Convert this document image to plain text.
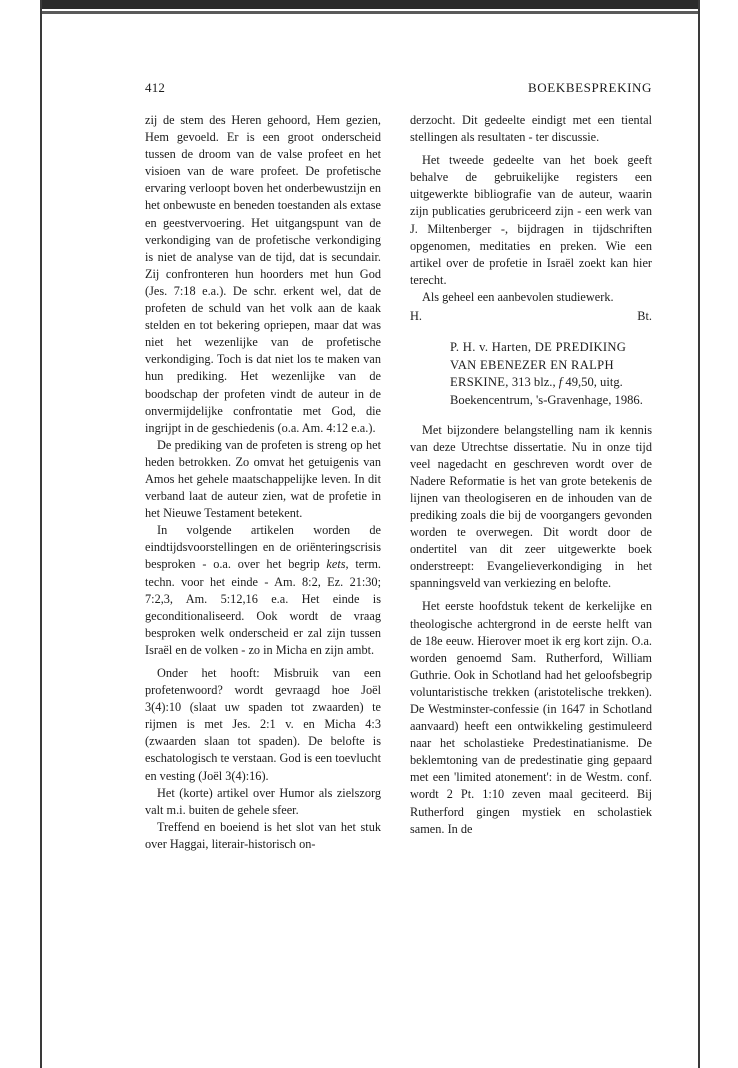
412	BOEKBESPREKING

zij de stem des Heren gehoord, Hem gezien, Hem gevoeld. Er is een groot onderscheid tussen de droom van de valse profeet en het visioen van de ware profeet. De profetische ervaring verloopt boven het onderbewustzijn en het onbewuste en beneden toestanden als extase en geestvervoering. Het uitgangspunt van de verkondiging van de profetische verkondiging is niet de analyse van de tijd, dat is secundair. Zij confronteren hun hoorders met hun God (Jes. 7:18 e.a.). De schr. erkent wel, dat de profeten de schuld van het volk aan de kaak stelden en tot bekering opriepen, maar dat was niet het wezenlijke van de profetische verkondiging. Toch is dat niet los te maken van hun prediking. Het wezenlijke van de boodschap der profeten vindt de auteur in de onvermijdelijke confrontatie met God, die ingrijpt in de geschiedenis (o.a. Am. 4:12 e.a.).

De prediking van de profeten is streng op het heden betrokken. Zo omvat het getuigenis van Amos het gehele maatschappelijke leven. In dit verband laat de auteur zien, wat de profetie in het Nieuwe Testament betekent.

In volgende artikelen worden de eindtijdsvoorstellingen en de oriënteringscrisis besproken - o.a. over het begrip kets, term. techn. voor het einde - Am. 8:2, Ez. 21:30; 7:2,3, Am. 5:12,16 e.a. Het einde is geconditionaliseerd. Ook wordt de vraag besproken welk onderscheid er zal zijn tussen Israël en de volken - zo in Micha en zijn ambt.

Onder het hooft: Misbruik van een profetenwoord? wordt gevraagd hoe Joël 3(4):10 (slaat uw spaden tot zwaarden) te rijmen is met Jes. 2:1 v. en Micha 4:3 (zwaarden slaan tot spaden). De belofte is eschatologisch te verstaan. God is een toevlucht en vesting (Joël 3(4):16).

Het (korte) artikel over Humor als zielszorg valt m.i. buiten de gehele sfeer.

Treffend en boeiend is het slot van het stuk over Haggai, literair-historisch on-

derzocht. Dit gedeelte eindigt met een tiental stellingen als resultaten - ter discussie.

Het tweede gedeelte van het boek geeft behalve de gebruikelijke registers een uitgewerkte bibliografie van de auteur, waarin zijn publicaties gerubriceerd zijn - een werk van J. Miltenberger -, bijdragen in tijdschriften opgenomen, meditaties en preken. Wie een artikel over de profetie in Israël zoekt kan hier terecht.

Als geheel een aanbevolen studiewerk.

H.	Bt.
P. H. v. Harten, DE PREDIKING VAN EBENEZER EN RALPH ERSKINE, 313 blz., f 49,50, uitg. Boekencentrum, 's-Gravenhage, 1986.

Met bijzondere belangstelling nam ik kennis van deze Utrechtse dissertatie. Nu in onze tijd veel nagedacht en geschreven wordt over de Nadere Reformatie is het van grote betekenis de lijnen van theologiseren en de inhouden van de prediking zoals die bij de voorgangers gevonden worden te overwegen. Dit wordt door de ondertitel van dit zeer uitgewerkte boek onderstreept: Evangelieverkondiging in het spanningsveld van verkiezing en belofte.

Het eerste hoofdstuk tekent de kerkelijke en theologische achtergrond in de eerste helft van de 18e eeuw. Hierover moet ik erg kort zijn. O.a. worden genoemd Sam. Rutherford, William Guthrie. Ook in Schotland had het geloofsbegrip voluntaristische trekken (aristotelische trekken). De Westminster-confessie (in 1647 in Schotland aanvaard) heeft een ontwikkeling gestimuleerd naar het scholastieke Predestinatianisme. De beklemtoning van de predestinatie ging gepaard met een 'limited atonement': in de Westm. conf. wordt 2 Pt. 1:10 zeven maal geciteerd. Bij Rutherford gingen mystiek en scholastiek samen. In de
